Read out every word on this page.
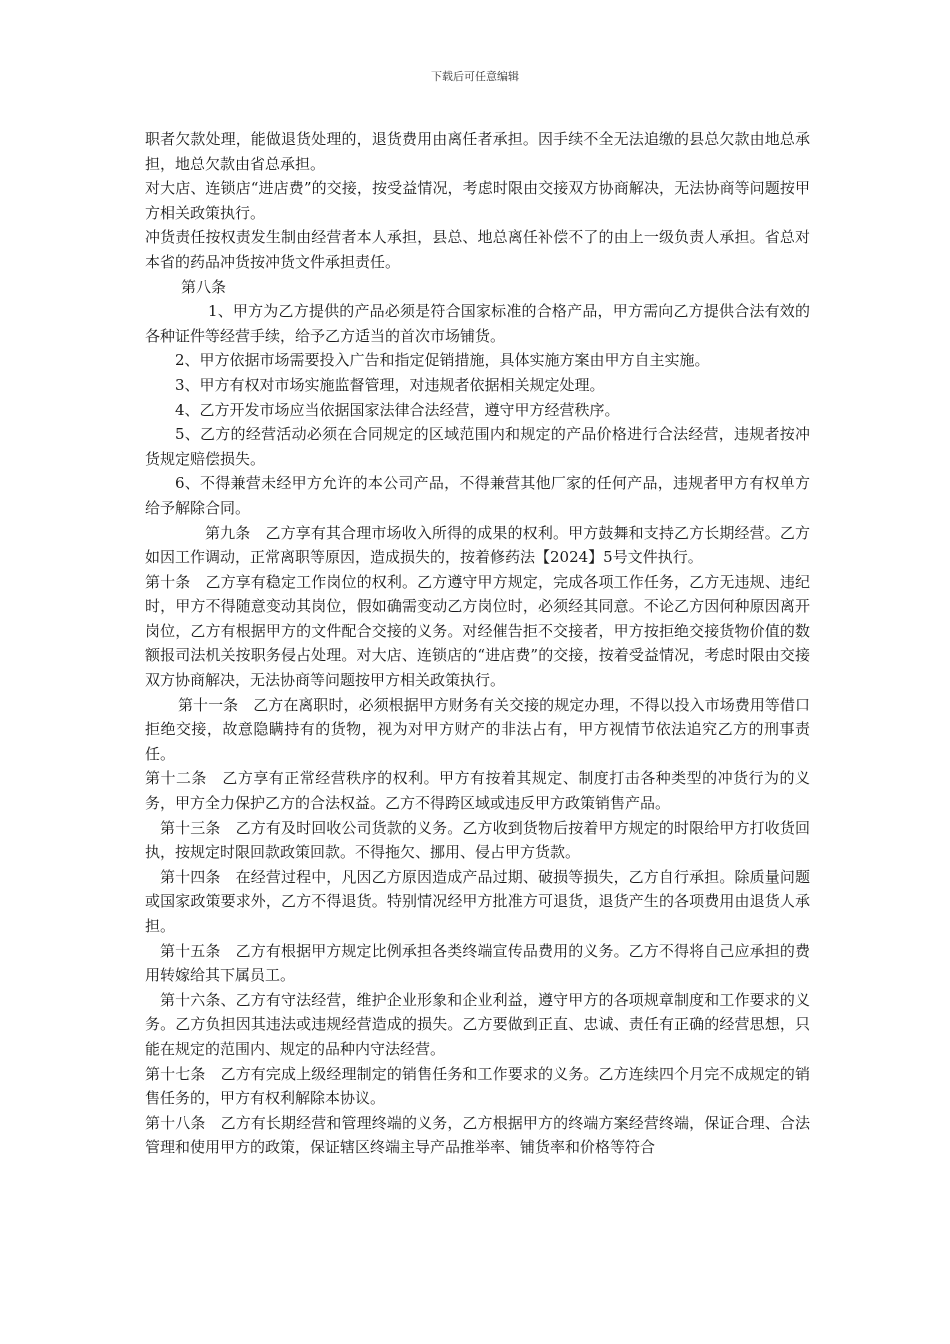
下载后可任意编辑

职者欠款处理，能做退货处理的，退货费用由离任者承担。因手续不全无法追缴的县总欠款由地总承担，地总欠款由省总承担。

对大店、连锁店“进店费”的交接，按受益情况，考虑时限由交接双方协商解决，无法协商等问题按甲方相关政策执行。

冲货责任按权责发生制由经营者本人承担，县总、地总离任补偿不了的由上一级负责人承担。省总对本省的药品冲货按冲货文件承担责任。

第八条

1、甲方为乙方提供的产品必须是符合国家标准的合格产品，甲方需向乙方提供合法有效的各种证件等经营手续，给予乙方适当的首次市场铺货。

2、甲方依据市场需要投入广告和指定促销措施，具体实施方案由甲方自主实施。

3、甲方有权对市场实施监督管理，对违规者依据相关规定处理。

4、乙方开发市场应当依据国家法律合法经营，遵守甲方经营秩序。

5、乙方的经营活动必须在合同规定的区域范围内和规定的产品价格进行合法经营，违规者按冲货规定赔偿损失。

6、不得兼营未经甲方允许的本公司产品，不得兼营其他厂家的任何产品，违规者甲方有权单方给予解除合同。

第九条　乙方享有其合理市场收入所得的成果的权利。甲方鼓舞和支持乙方长期经营。乙方如因工作调动，正常离职等原因，造成损失的，按着修药法【2024】5号文件执行。

第十条　乙方享有稳定工作岗位的权利。乙方遵守甲方规定，完成各项工作任务，乙方无违规、违纪时，甲方不得随意变动其岗位，假如确需变动乙方岗位时，必须经其同意。不论乙方因何种原因离开岗位，乙方有根据甲方的文件配合交接的义务。对经催告拒不交接者，甲方按拒绝交接货物价值的数额报司法机关按职务侵占处理。对大店、连锁店的“进店费”的交接，按着受益情况，考虑时限由交接双方协商解决，无法协商等问题按甲方相关政策执行。

第十一条　乙方在离职时，必须根据甲方财务有关交接的规定办理，不得以投入市场费用等借口拒绝交接，故意隐瞒持有的货物，视为对甲方财产的非法占有，甲方视情节依法追究乙方的刑事责任。

第十二条　乙方享有正常经营秩序的权利。甲方有按着其规定、制度打击各种类型的冲货行为的义务，甲方全力保护乙方的合法权益。乙方不得跨区域或违反甲方政策销售产品。

第十三条　乙方有及时回收公司货款的义务。乙方收到货物后按着甲方规定的时限给甲方打收货回执，按规定时限回款政策回款。不得拖欠、挪用、侵占甲方货款。

第十四条　在经营过程中，凡因乙方原因造成产品过期、破损等损失，乙方自行承担。除质量问题或国家政策要求外，乙方不得退货。特别情况经甲方批准方可退货，退货产生的各项费用由退货人承担。

第十五条　乙方有根据甲方规定比例承担各类终端宣传品费用的义务。乙方不得将自己应承担的费用转嫁给其下属员工。

第十六条、乙方有守法经营，维护企业形象和企业利益，遵守甲方的各项规章制度和工作要求的义务。乙方负担因其违法或违规经营造成的损失。乙方要做到正直、忠诚、责任有正确的经营思想，只能在规定的范围内、规定的品种内守法经营。

第十七条　乙方有完成上级经理制定的销售任务和工作要求的义务。乙方连续四个月完不成规定的销售任务的，甲方有权利解除本协议。

第十八条　乙方有长期经营和管理终端的义务，乙方根据甲方的终端方案经营终端，保证合理、合法管理和使用甲方的政策，保证辖区终端主导产品推举率、铺货率和价格等符合
